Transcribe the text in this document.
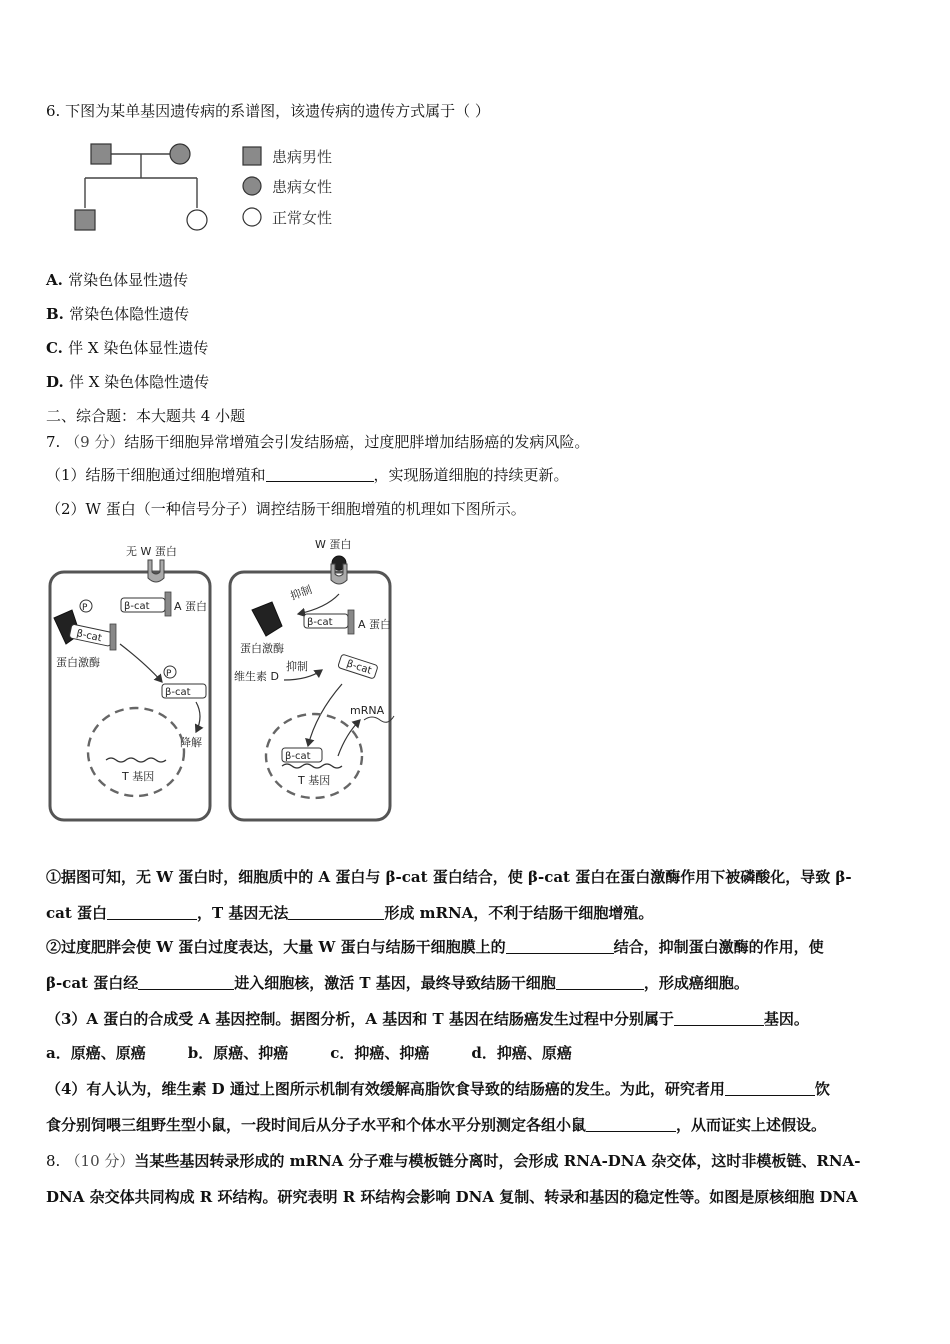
6. 下图为某单基因遗传病的系谱图，该遗传病的遗传方式属于（ ）
患病男性
患病女性
正常女性
A. 常染色体显性遗传
B. 常染色体隐性遗传
C. 伴 X 染色体显性遗传
D. 伴 X 染色体隐性遗传
二、综合题：本大题共 4 小题
7. （9 分）结肠干细胞异常增殖会引发结肠癌，过度肥胖增加结肠癌的发病风险。
（1）结肠干细胞通过细胞增殖和	，实现肠道细胞的持续更新。
（2）W 蛋白（一种信号分子）调控结肠干细胞增殖的机理如下图所示。
无 W 蛋白
P	β-cat A 蛋白
β-cat
蛋白激酶
P
β-cat
降解
T 基因
W 蛋白
抑制
蛋白激酶
β-cat A 蛋白
维生素 D
抑制	β-cat
β-cat
T 基因
mRNA
①据图可知，无 W 蛋白时，细胞质中的 A 蛋白与 β-cat 蛋白结合，使 β-cat 蛋白在蛋白激酶作用下被磷酸化，导致 β-
cat 蛋白	，T 基因无法	形成 mRNA，不利于结肠干细胞增殖。
②过度肥胖会使 W 蛋白过度表达，大量 W 蛋白与结肠干细胞膜上的	结合，抑制蛋白激酶的作用，使
β-cat 蛋白经	进入细胞核，激活 T 基因，最终导致结肠干细胞	，形成癌细胞。
（3）A 蛋白的合成受 A 基因控制。据图分析，A 基因和 T 基因在结肠癌发生过程中分别属于	基因。
a．原癌、原癌	b．原癌、抑癌	c．抑癌、抑癌	d．抑癌、原癌
（4）有人认为，维生素 D 通过上图所示机制有效缓解高脂饮食导致的结肠癌的发生。为此，研究者用	饮
食分别饲喂三组野生型小鼠，一段时间后从分子水平和个体水平分别测定各组小鼠	，从而证实上述假设。
8. （10 分）当某些基因转录形成的 mRNA 分子难与模板链分离时，会形成 RNA-DNA 杂交体，这时非模板链、RNA-
DNA 杂交体共同构成 R 环结构。研究表明 R 环结构会影响 DNA 复制、转录和基因的稳定性等。如图是原核细胞 DNA
